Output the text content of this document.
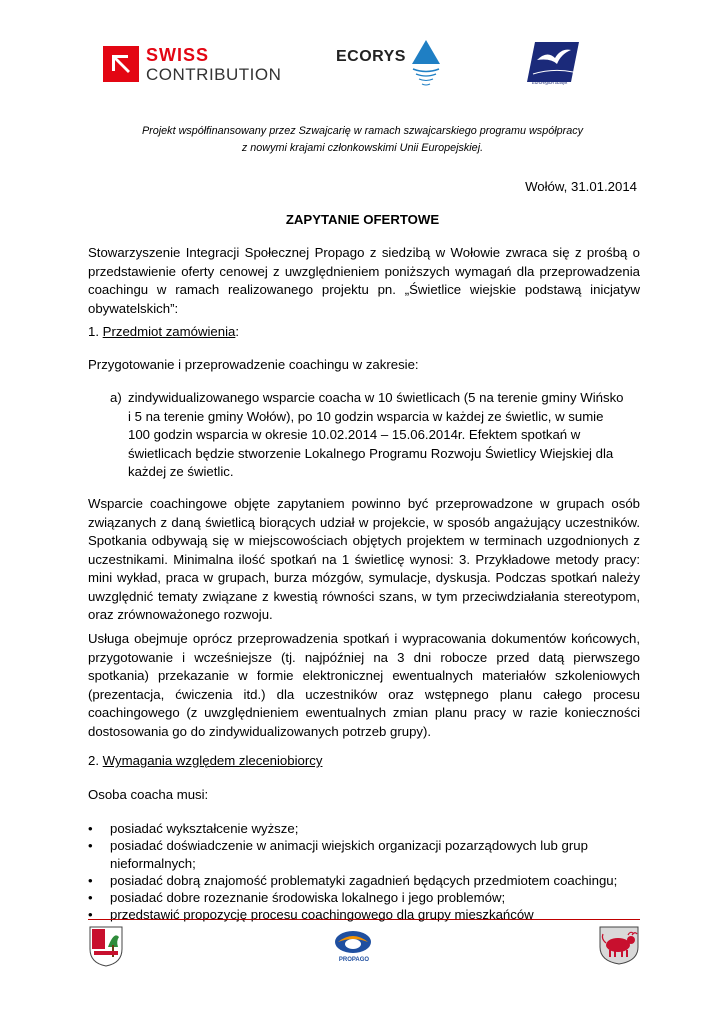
SWISS
CONTRIBUTION
ECORYS
Euroregion Baltyk
Projekt współfinansowany przez Szwajcarię w ramach szwajcarskiego programu współpracy
z nowymi krajami członkowskimi Unii Europejskiej.
Wołów, 31.01.2014
ZAPYTANIE OFERTOWE

Stowarzyszenie Integracji Społecznej Propago z siedzibą w Wołowie zwraca się z prośbą o przedstawienie oferty cenowej z uwzględnieniem poniższych wymagań dla przeprowadzenia coachingu w ramach realizowanego projektu pn. „Świetlice wiejskie podstawą inicjatyw obywatelskich”:

1. Przedmiot zamówienia:
Przygotowanie i przeprowadzenie coachingu w zakresie:
a) zindywidualizowanego wsparcie coacha w 10 świetlicach (5 na terenie gminy Wińsko i 5 na terenie gminy Wołów), po 10 godzin wsparcia w każdej ze świetlic, w sumie 100 godzin wsparcia w okresie 10.02.2014 – 15.06.2014r. Efektem spotkań w świetlicach będzie stworzenie Lokalnego Programu Rozwoju Świetlicy Wiejskiej dla każdej ze świetlic.

Wsparcie coachingowe objęte zapytaniem powinno być przeprowadzone w grupach osób związanych z daną świetlicą biorących udział w projekcie, w sposób angażujący uczestników. Spotkania odbywają się w miejscowościach objętych projektem w terminach uzgodnionych z uczestnikami. Minimalna ilość spotkań na 1 świetlicę wynosi: 3. Przykładowe metody pracy: mini wykład, praca w grupach, burza mózgów, symulacje, dyskusja. Podczas spotkań należy uwzględnić tematy związane z kwestią równości szans, w tym przeciwdziałania stereotypom, oraz zrównoważonego rozwoju.

Usługa obejmuje oprócz przeprowadzenia spotkań i wypracowania dokumentów końcowych, przygotowanie i wcześniejsze (tj. najpóźniej na 3 dni robocze przed datą pierwszego spotkania) przekazanie w formie elektronicznej ewentualnych materiałów szkoleniowych (prezentacja, ćwiczenia itd.) dla uczestników oraz wstępnego planu całego procesu coachingowego (z uwzględnieniem ewentualnych zmian planu pracy w razie konieczności dostosowania go do zindywidualizowanych potrzeb grupy).

2. Wymagania względem zleceniobiorcy
Osoba coacha musi:
• posiadać wykształcenie wyższe;

• posiadać doświadczenie w animacji wiejskich organizacji pozarządowych lub grup nieformalnych;

• posiadać dobrą znajomość problematyki zagadnień będących przedmiotem coachingu;

• posiadać dobre rozeznanie środowiska lokalnego i jego problemów;

• przedstawić propozycję procesu coachingowego dla grupy mieszkańców

PROPAGO
